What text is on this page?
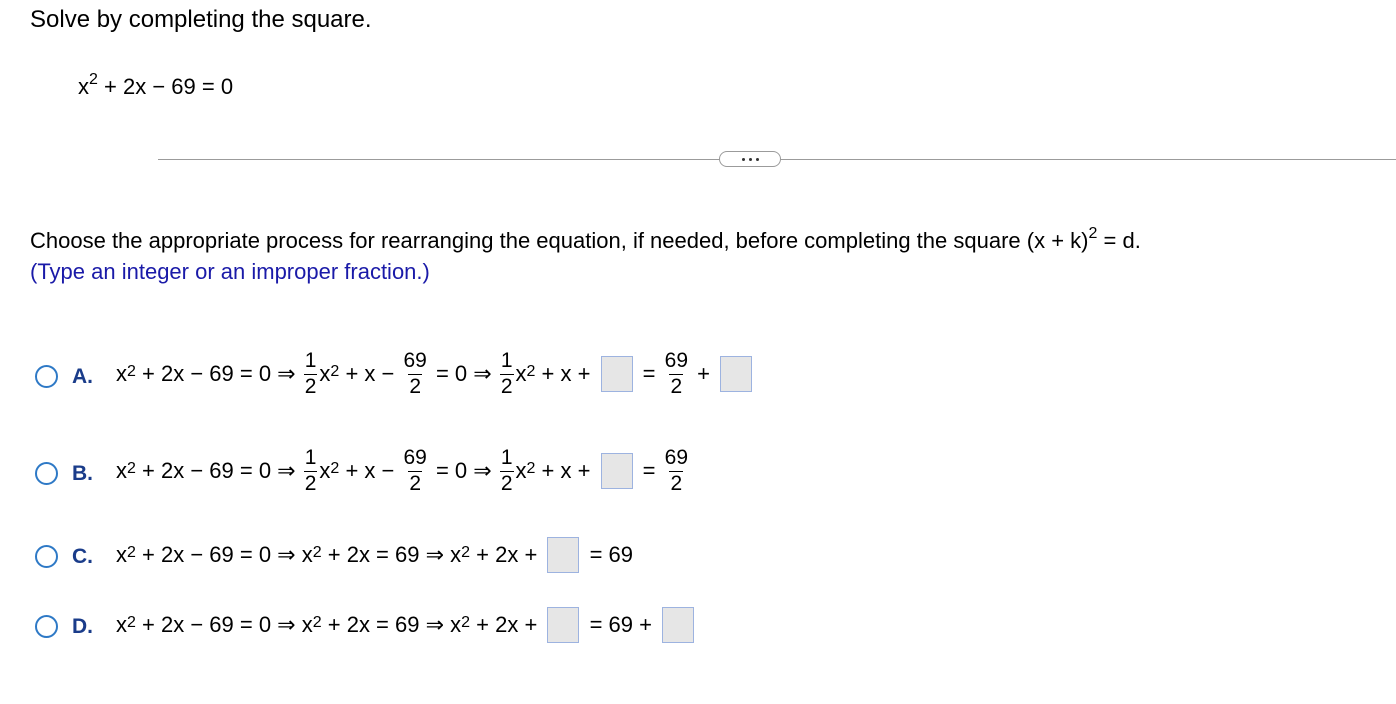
Solve by completing the square.
$x^2 + 2x - 69 = 0$
Choose the appropriate process for rearranging the equation, if needed, before completing the square $(x + k)^2 = d$.
(Type an integer or an improper fraction.)
A. $x^2 + 2x - 69 = 0$ ⇒ $\frac{1}{2} x^2 + x - \frac{69}{2} = 0$ ⇒ $\frac{1}{2} x^2 + x$ + = $\frac{69}{2}$ +
B. $x^2 + 2x - 69 = 0$ ⇒ $\frac{1}{2} x^2 + x - \frac{69}{2} = 0$ ⇒ $\frac{1}{2} x^2 + x$ + = $\frac{69}{2}$
C. $x^2 + 2x - 69 = 0$ ⇒ $x^2 + 2x = 69$ ⇒ $x^2 + 2x$ + = 69
D. $x^2 + 2x - 69 = 0$ ⇒ $x^2 + 2x = 69$ ⇒ $x^2 + 2x$ + = 69 +
